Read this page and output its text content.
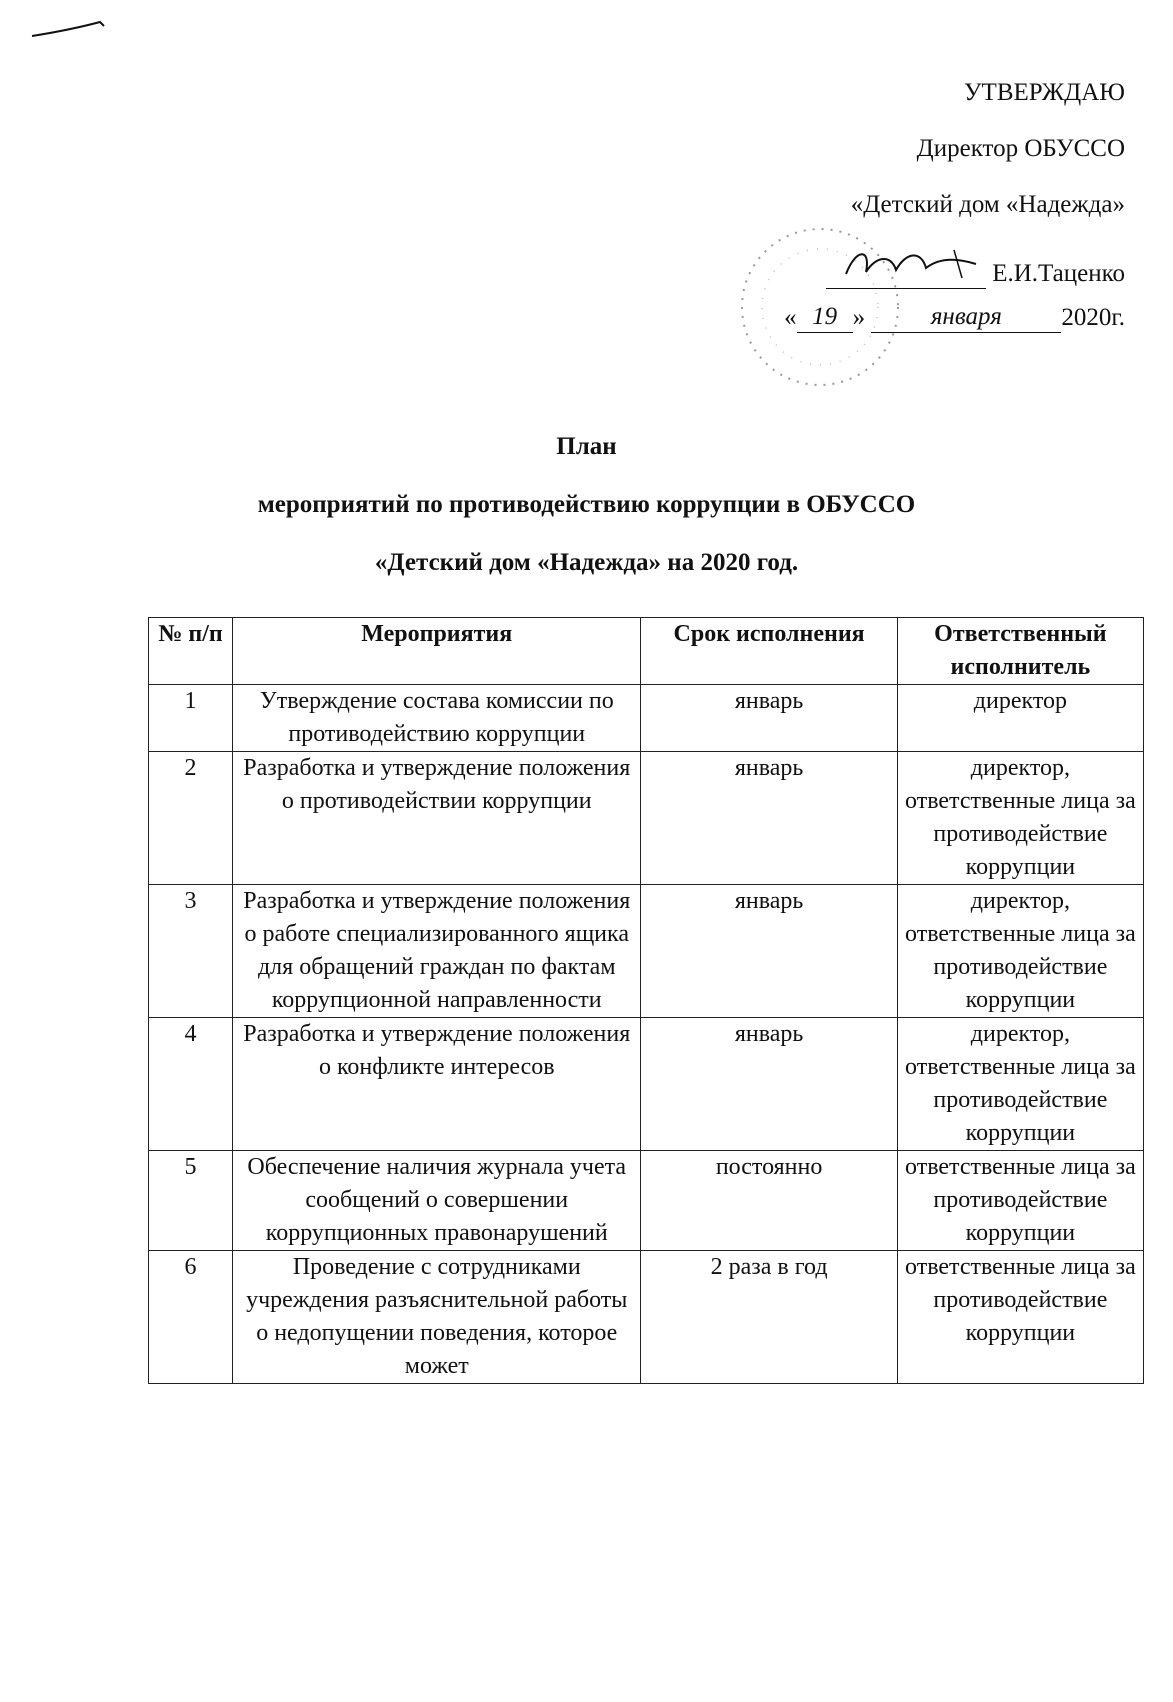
УТВЕРЖДАЮ
Директор ОБУССО
«Детский дом «Надежда»
Е.И.Таценко
« 19 »	января 2020г.
План
мероприятий по противодействию коррупции в ОБУССО
«Детский дом «Надежда» на 2020 год.
№ п/п	Мероприятия	Срок исполнения	Ответственный исполнитель
1	Утверждение состава комиссии по противодействию коррупции	январь	директор
2	Разработка и утверждение положения о противодействии коррупции	январь	директор, ответственные лица за противодействие коррупции
3	Разработка и утверждение положения о работе специализированного ящика для обращений граждан по фактам коррупционной направленности	январь	директор, ответственные лица за противодействие коррупции
4	Разработка и утверждение положения о конфликте интересов	январь	директор, ответственные лица за противодействие коррупции
5	Обеспечение наличия журнала учета сообщений о совершении коррупционных правонарушений	постоянно	ответственные лица за противодействие коррупции
6	Проведение с сотрудниками учреждения разъяснительной работы о недопущении поведения, которое может	2 раза в год	ответственные лица за противодействие коррупции
